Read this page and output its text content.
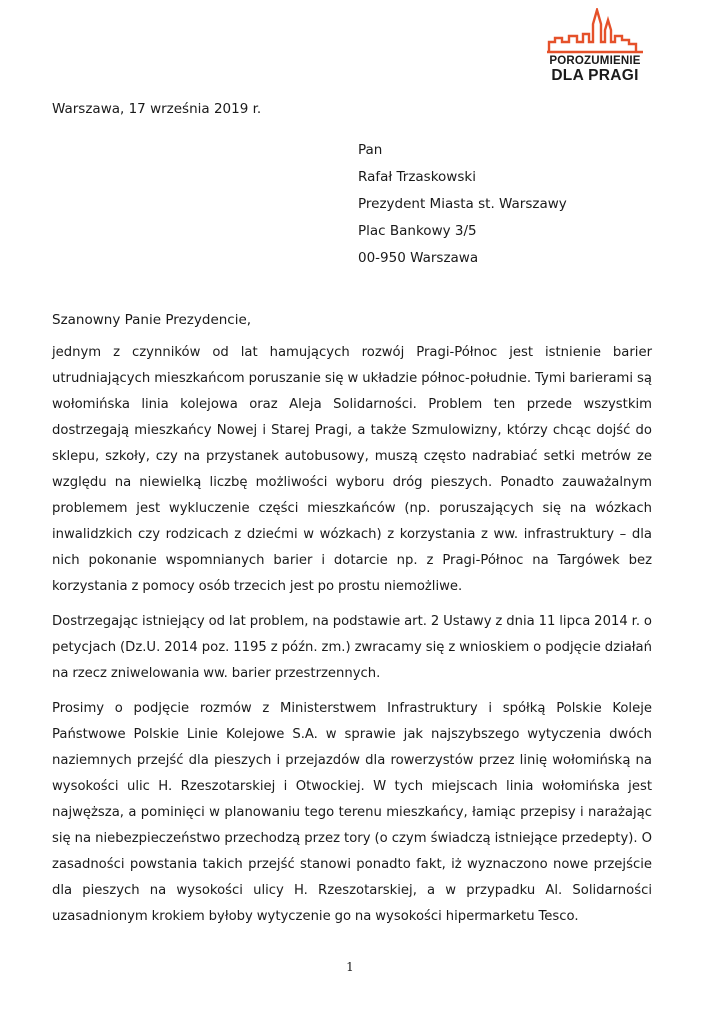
POROZUMIENIE
DLA PRAGI
Warszawa, 17 września 2019 r.
Pan
Rafał Trzaskowski
Prezydent Miasta st. Warszawy
Plac Bankowy 3/5
00-950 Warszawa
Szanowny Panie Prezydencie,

jednym z czynników od lat hamujących rozwój Pragi-Północ jest istnienie barier utrudniających mieszkańcom poruszanie się w układzie północ-południe. Tymi barierami są wołomińska linia kolejowa oraz Aleja Solidarności. Problem ten przede wszystkim dostrzegają mieszkańcy Nowej i Starej Pragi, a także Szmulowizny, którzy chcąc dojść do sklepu, szkoły, czy na przystanek autobusowy, muszą często nadrabiać setki metrów ze względu na niewielką liczbę możliwości wyboru dróg pieszych. Ponadto zauważalnym problemem jest wykluczenie części mieszkańców (np. poruszających się na wózkach inwalidzkich czy rodzicach z dziećmi w wózkach) z korzystania z ww. infrastruktury – dla nich pokonanie wspomnianych barier i dotarcie np. z Pragi-Północ na Targówek bez korzystania z pomocy osób trzecich jest po prostu niemożliwe.

Dostrzegając istniejący od lat problem, na podstawie art. 2 Ustawy z dnia 11 lipca 2014 r. o petycjach (Dz.U. 2014 poz. 1195 z późn. zm.) zwracamy się z wnioskiem o podjęcie działań na rzecz zniwelowania ww. barier przestrzennych.

Prosimy o podjęcie rozmów z Ministerstwem Infrastruktury i spółką Polskie Koleje Państwowe Polskie Linie Kolejowe S.A. w sprawie jak najszybszego wytyczenia dwóch naziemnych przejść dla pieszych i przejazdów dla rowerzystów przez linię wołomińską na wysokości ulic H. Rzeszotarskiej i Otwockiej. W tych miejscach linia wołomińska jest najwęższa, a pominięci w planowaniu tego terenu mieszkańcy, łamiąc przepisy i narażając się na niebezpieczeństwo przechodzą przez tory (o czym świadczą istniejące przedepty). O zasadności powstania takich przejść stanowi ponadto fakt, iż wyznaczono nowe przejście dla pieszych na wysokości ulicy H. Rzeszotarskiej, a w przypadku Al. Solidarności uzasadnionym krokiem byłoby wytyczenie go na wysokości hipermarketu Tesco.

1
